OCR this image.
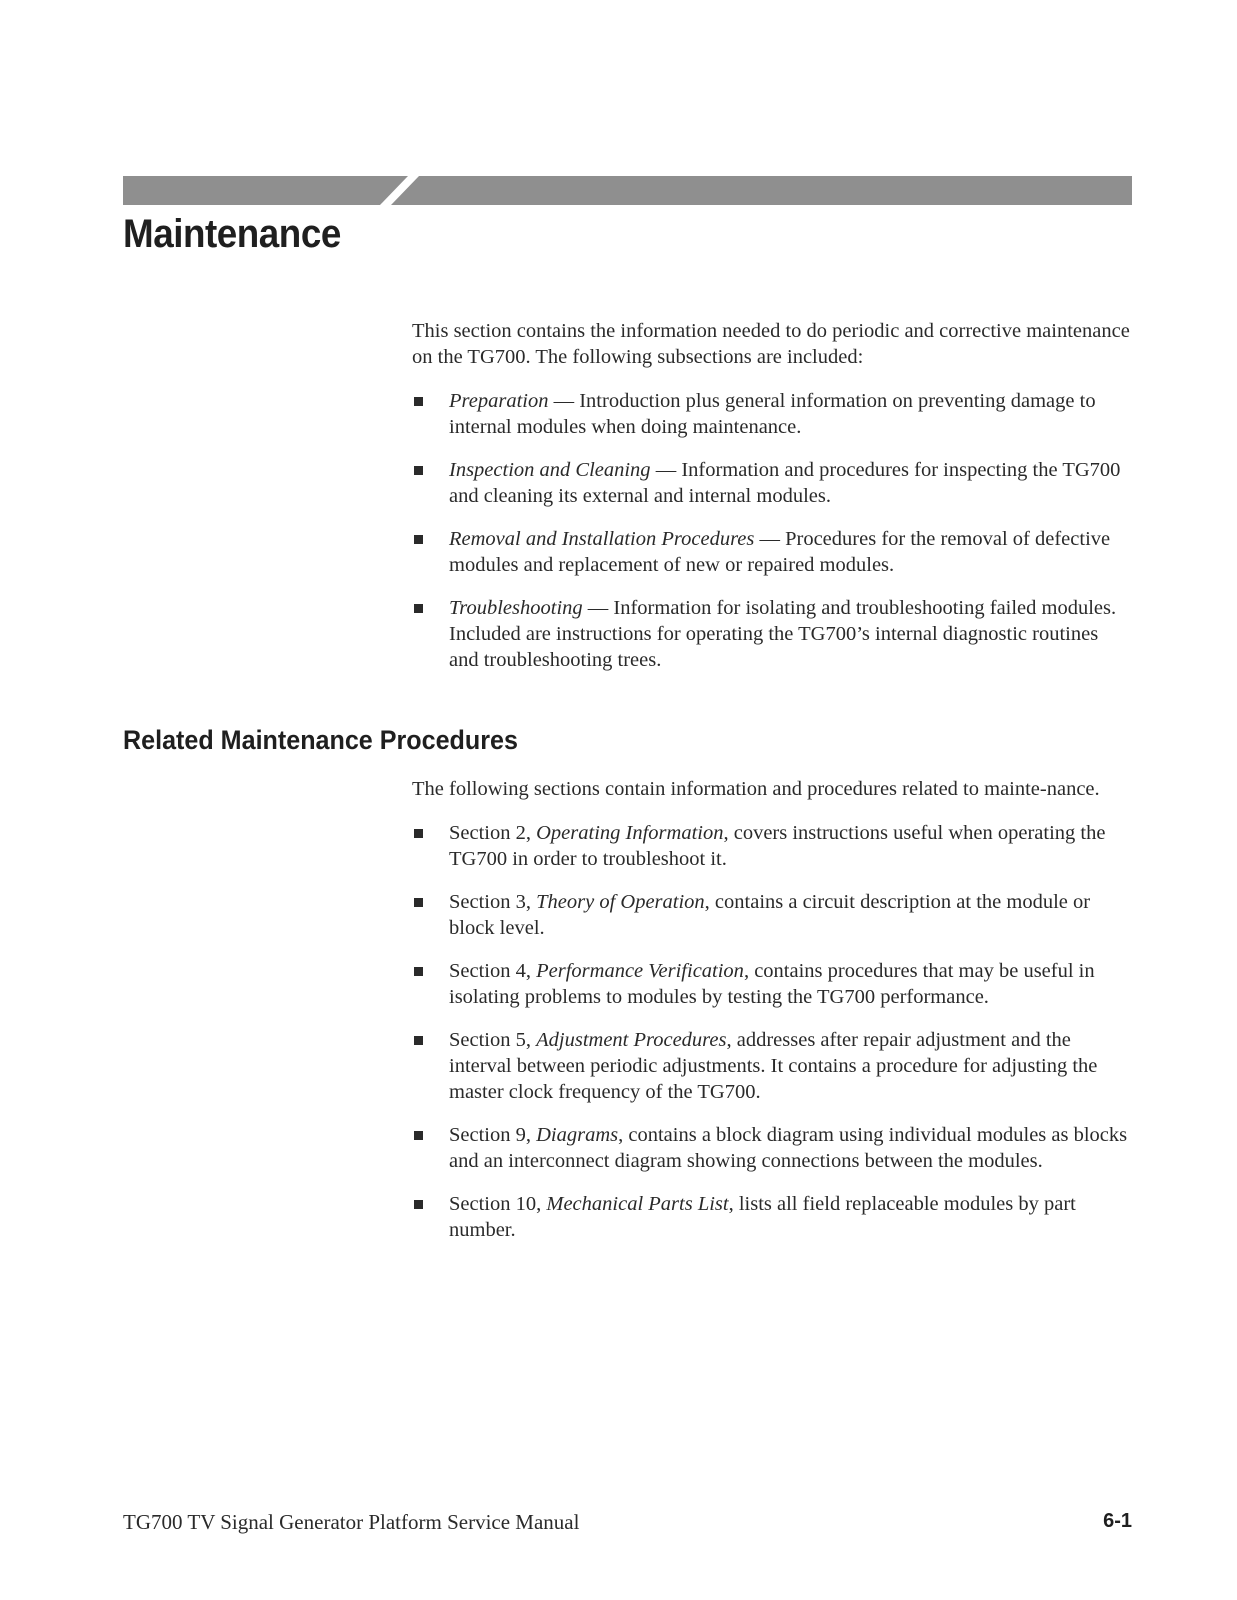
Maintenance

This section contains the information needed to do periodic and corrective maintenance on the TG700. The following subsections are included:

Preparation — Introduction plus general information on preventing damage to internal modules when doing maintenance.
Inspection and Cleaning — Information and procedures for inspecting the TG700 and cleaning its external and internal modules.
Removal and Installation Procedures — Procedures for the removal of defective modules and replacement of new or repaired modules.
Troubleshooting — Information for isolating and troubleshooting failed modules. Included are instructions for operating the TG700’s internal diagnostic routines and troubleshooting trees.
Related Maintenance Procedures

The following sections contain information and procedures related to mainte-nance.

Section 2, Operating Information, covers instructions useful when operating the TG700 in order to troubleshoot it.
Section 3, Theory of Operation, contains a circuit description at the module or block level.
Section 4, Performance Verification, contains procedures that may be useful in isolating problems to modules by testing the TG700 performance.
Section 5, Adjustment Procedures, addresses after repair adjustment and the interval between periodic adjustments. It contains a procedure for adjusting the master clock frequency of the TG700.
Section 9, Diagrams, contains a block diagram using individual modules as blocks and an interconnect diagram showing connections between the modules.
Section 10, Mechanical Parts List, lists all field replaceable modules by part number.
TG700 TV Signal Generator Platform Service Manual	6-1
